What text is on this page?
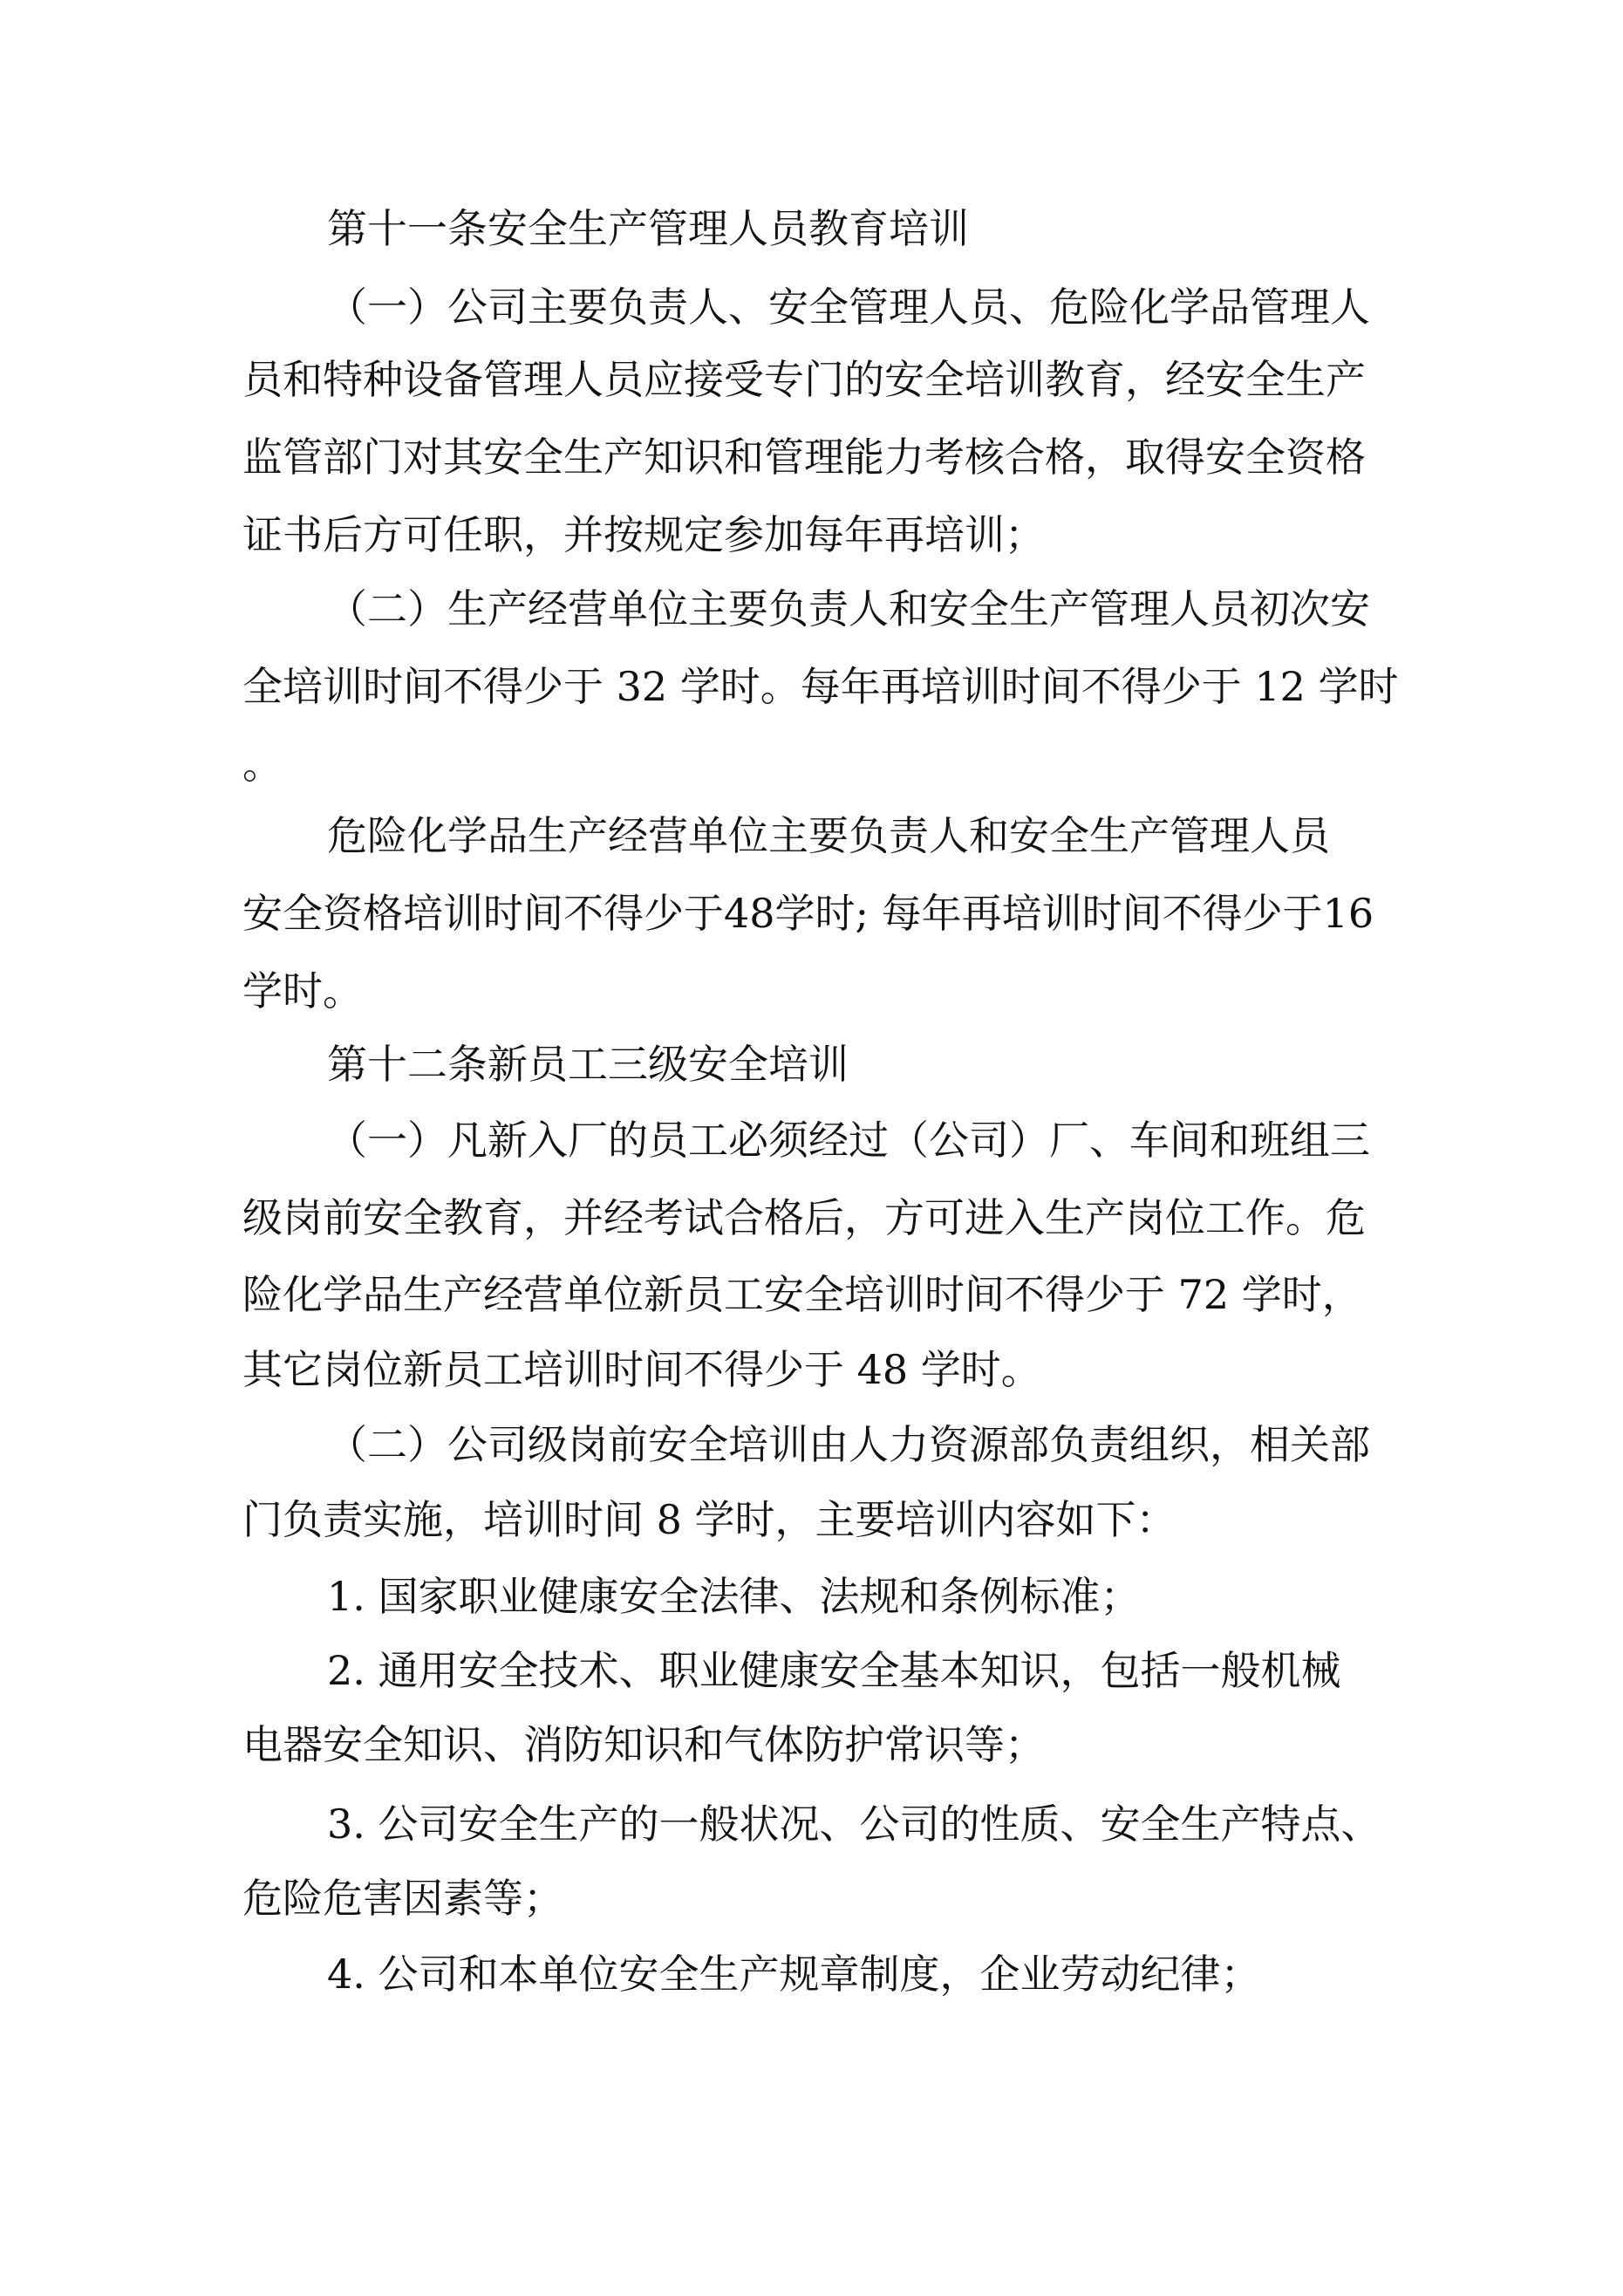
第十一条安全生产管理人员教育培训
（一）公司主要负责人、安全管理人员、危险化学品管理人
员和特种设备管理人员应接受专门的安全培训教育，经安全生产
监管部门对其安全生产知识和管理能力考核合格，取得安全资格
证书后方可任职，并按规定参加每年再培训；
（二）生产经营单位主要负责人和安全生产管理人员初次安
全培训时间不得少于 32 学时。每年再培训时间不得少于 12 学时
。
危险化学品生产经营单位主要负责人和安全生产管理人员
安全资格培训时间不得少于48学时; 每年再培训时间不得少于16
学时。
第十二条新员工三级安全培训
（一）凡新入厂的员工必须经过（公司）厂、车间和班组三
级岗前安全教育，并经考试合格后，方可进入生产岗位工作。危
险化学品生产经营单位新员工安全培训时间不得少于 72 学时，
其它岗位新员工培训时间不得少于 48 学时。
（二）公司级岗前安全培训由人力资源部负责组织，相关部
门负责实施，培训时间 8 学时，主要培训内容如下：
1. 国家职业健康安全法律、法规和条例标准；
2. 通用安全技术、职业健康安全基本知识，包括一般机械
电器安全知识、消防知识和气体防护常识等；
3. 公司安全生产的一般状况、公司的性质、安全生产特点、
危险危害因素等；
4. 公司和本单位安全生产规章制度，企业劳动纪律；
